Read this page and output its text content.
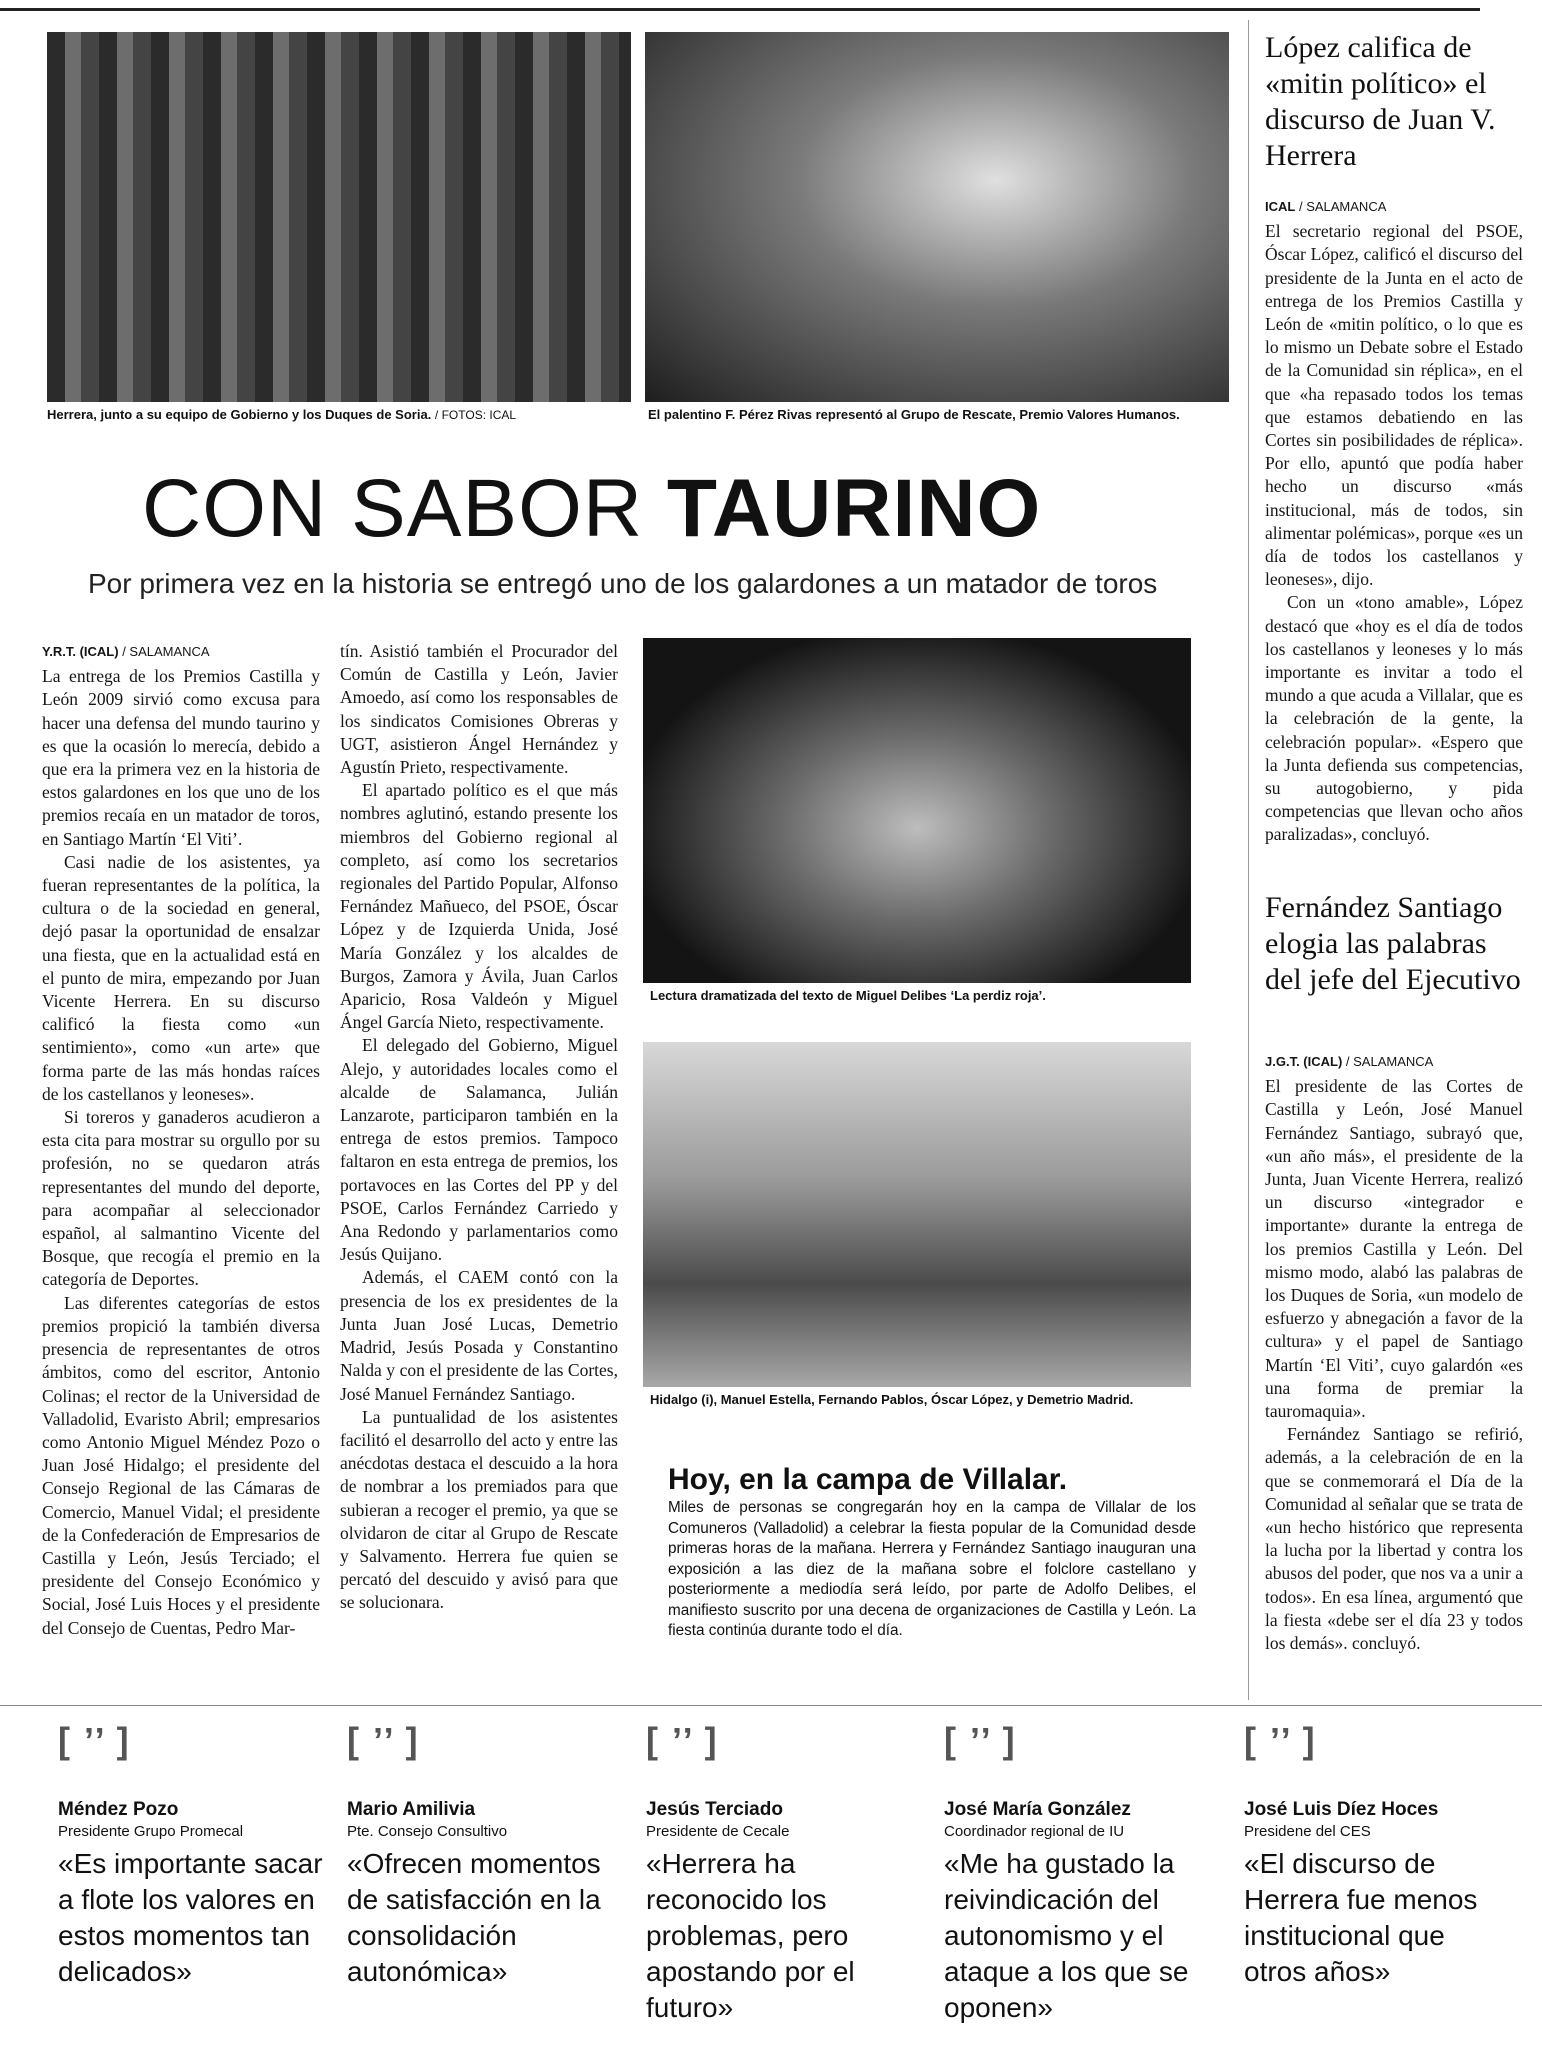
Herrera, junto a su equipo de Gobierno y los Duques de Soria. / FOTOS: ICAL	El palentino F. Pérez Rivas representó al Grupo de Rescate, Premio Valores Humanos.
CON SABOR TAURINO
Por primera vez en la historia se entregó uno de los galardones a un matador de toros
Y.R.T. (ICAL) / SALAMANCA

La entrega de los Premios Castilla y León 2009 sirvió como excusa para hacer una defensa del mundo taurino y es que la ocasión lo merecía, debido a que era la primera vez en la historia de estos galardones en los que uno de los premios recaía en un matador de toros, en Santiago Martín ‘El Viti’.

Casi nadie de los asistentes, ya fueran representantes de la política, la cultura o de la sociedad en general, dejó pasar la oportunidad de ensalzar una fiesta, que en la actualidad está en el punto de mira, empezando por Juan Vicente Herrera. En su discurso calificó la fiesta como «un sentimiento», como «un arte» que forma parte de las más hondas raíces de los castellanos y leoneses».

Si toreros y ganaderos acudieron a esta cita para mostrar su orgullo por su profesión, no se quedaron atrás representantes del mundo del deporte, para acompañar al seleccionador español, al salmantino Vicente del Bosque, que recogía el premio en la categoría de Deportes.

Las diferentes categorías de estos premios propició la también diversa presencia de representantes de otros ámbitos, como del escritor, Antonio Colinas; el rector de la Universidad de Valladolid, Evaristo Abril; empresarios como Antonio Miguel Méndez Pozo o Juan José Hidalgo; el presidente del Consejo Regional de las Cámaras de Comercio, Manuel Vidal; el presidente de la Confederación de Empresarios de Castilla y León, Jesús Terciado; el presidente del Consejo Económico y Social, José Luis Hoces y el presidente del Consejo de Cuentas, Pedro Mar-

tín. Asistió también el Procurador del Común de Castilla y León, Javier Amoedo, así como los responsables de los sindicatos Comisiones Obreras y UGT, asistieron Ángel Hernández y Agustín Prieto, respectivamente.

El apartado político es el que más nombres aglutinó, estando presente los miembros del Gobierno regional al completo, así como los secretarios regionales del Partido Popular, Alfonso Fernández Mañueco, del PSOE, Óscar López y de Izquierda Unida, José María González y los alcaldes de Burgos, Zamora y Ávila, Juan Carlos Aparicio, Rosa Valdeón y Miguel Ángel García Nieto, respectivamente.

El delegado del Gobierno, Miguel Alejo, y autoridades locales como el alcalde de Salamanca, Julián Lanzarote, participaron también en la entrega de estos premios. Tampoco faltaron en esta entrega de premios, los portavoces en las Cortes del PP y del PSOE, Carlos Fernández Carriedo y Ana Redondo y parlamentarios como Jesús Quijano.

Además, el CAEM contó con la presencia de los ex presidentes de la Junta Juan José Lucas, Demetrio Madrid, Jesús Posada y Constantino Nalda y con el presidente de las Cortes, José Manuel Fernández Santiago.

La puntualidad de los asistentes facilitó el desarrollo del acto y entre las anécdotas destaca el descuido a la hora de nombrar a los premiados para que subieran a recoger el premio, ya que se olvidaron de citar al Grupo de Rescate y Salvamento. Herrera fue quien se percató del descuido y avisó para que se solucionara.

Lectura dramatizada del texto de Miguel Delibes ‘La perdiz roja’.
Hidalgo (i), Manuel Estella, Fernando Pablos, Óscar López, y Demetrio Madrid.
Hoy, en la campa de Villalar.
Miles de personas se congregarán hoy en la campa de Villalar de los Comuneros (Valladolid) a celebrar la fiesta popular de la Comunidad desde primeras horas de la mañana. Herrera y Fernández Santiago inauguran una exposición a las diez de la mañana sobre el folclore castellano y posteriormente a mediodía será leído, por parte de Adolfo Delibes, el manifiesto suscrito por una decena de organizaciones de Castilla y León. La fiesta continúa durante todo el día.
López califica de «mitin político» el discurso de Juan V. Herrera
ICAL / SALAMANCA

El secretario regional del PSOE, Óscar López, calificó el discurso del presidente de la Junta en el acto de entrega de los Premios Castilla y León de «mitin político, o lo que es lo mismo un Debate sobre el Estado de la Comunidad sin réplica», en el que «ha repasado todos los temas que estamos debatiendo en las Cortes sin posibilidades de réplica». Por ello, apuntó que podía haber hecho un discurso «más institucional, más de todos, sin alimentar polémicas», porque «es un día de todos los castellanos y leoneses», dijo.

Con un «tono amable», López destacó que «hoy es el día de todos los castellanos y leoneses y lo más importante es invitar a todo el mundo a que acuda a Villalar, que es la celebración de la gente, la celebración popular». «Espero que la Junta defienda sus competencias, su autogobierno, y pida competencias que llevan ocho años paralizadas», concluyó.

Fernández Santiago elogia las palabras del jefe del Ejecutivo
J.G.T. (ICAL) / SALAMANCA

El presidente de las Cortes de Castilla y León, José Manuel Fernández Santiago, subrayó que, «un año más», el presidente de la Junta, Juan Vicente Herrera, realizó un discurso «integrador e importante» durante la entrega de los premios Castilla y León. Del mismo modo, alabó las palabras de los Duques de Soria, «un modelo de esfuerzo y abnegación a favor de la cultura» y el papel de Santiago Martín ‘El Viti’, cuyo galardón «es una forma de premiar la tauromaquia».

Fernández Santiago se refirió, además, a la celebración de en la que se conmemorará el Día de la Comunidad al señalar que se trata de «un hecho histórico que representa la lucha por la libertad y contra los abusos del poder, que nos va a unir a todos». En esa línea, argumentó que la fiesta «debe ser el día 23 y todos los demás». concluyó.

[ ’’ ]
Méndez Pozo
Presidente Grupo Promecal
«Es importante sacar a flote los valores en estos momentos tan delicados»
[ ’’ ]
Mario Amilivia
Pte. Consejo Consultivo
«Ofrecen momentos de satisfacción en la consolidación autonómica»
[ ’’ ]
Jesús Terciado
Presidente de Cecale
«Herrera ha reconocido los problemas, pero apostando por el futuro»
[ ’’ ]
José María González
Coordinador regional de IU
«Me ha gustado la reivindicación del autonomismo y el ataque a los que se oponen»
[ ’’ ]
José Luis Díez Hoces
Presidene del CES
«El discurso de Herrera fue menos institucional que otros años»
